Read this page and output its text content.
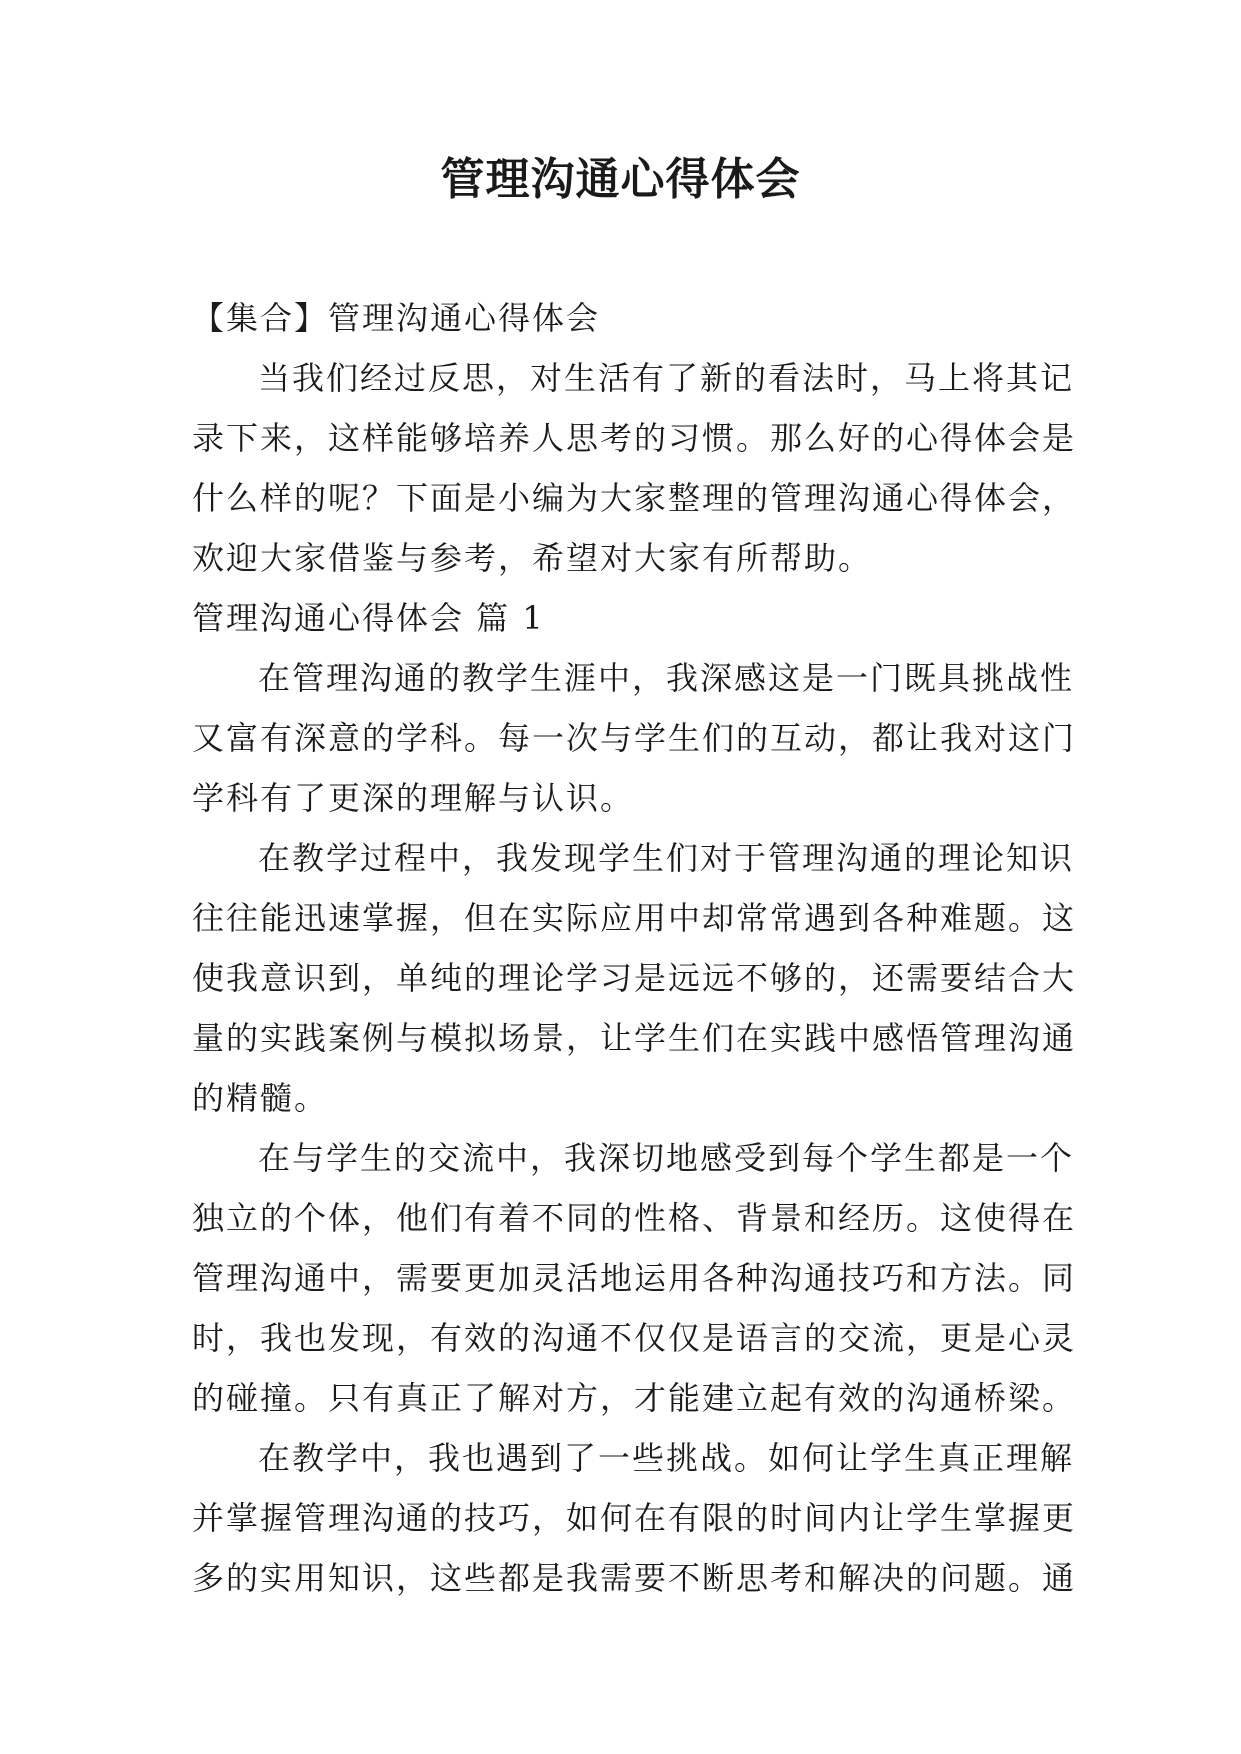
管理沟通心得体会
【集合】管理沟通心得体会
当我们经过反思，对生活有了新的看法时，马上将其记
录下来，这样能够培养人思考的习惯。那么好的心得体会是
什么样的呢？下面是小编为大家整理的管理沟通心得体会，
欢迎大家借鉴与参考，希望对大家有所帮助。
管理沟通心得体会 篇 1
在管理沟通的教学生涯中，我深感这是一门既具挑战性
又富有深意的学科。每一次与学生们的互动，都让我对这门
学科有了更深的理解与认识。
在教学过程中，我发现学生们对于管理沟通的理论知识
往往能迅速掌握，但在实际应用中却常常遇到各种难题。这
使我意识到，单纯的理论学习是远远不够的，还需要结合大
量的实践案例与模拟场景，让学生们在实践中感悟管理沟通
的精髓。
在与学生的交流中，我深切地感受到每个学生都是一个
独立的个体，他们有着不同的性格、背景和经历。这使得在
管理沟通中，需要更加灵活地运用各种沟通技巧和方法。同
时，我也发现，有效的沟通不仅仅是语言的交流，更是心灵
的碰撞。只有真正了解对方，才能建立起有效的沟通桥梁。
在教学中，我也遇到了一些挑战。如何让学生真正理解
并掌握管理沟通的技巧，如何在有限的时间内让学生掌握更
多的实用知识，这些都是我需要不断思考和解决的问题。通
